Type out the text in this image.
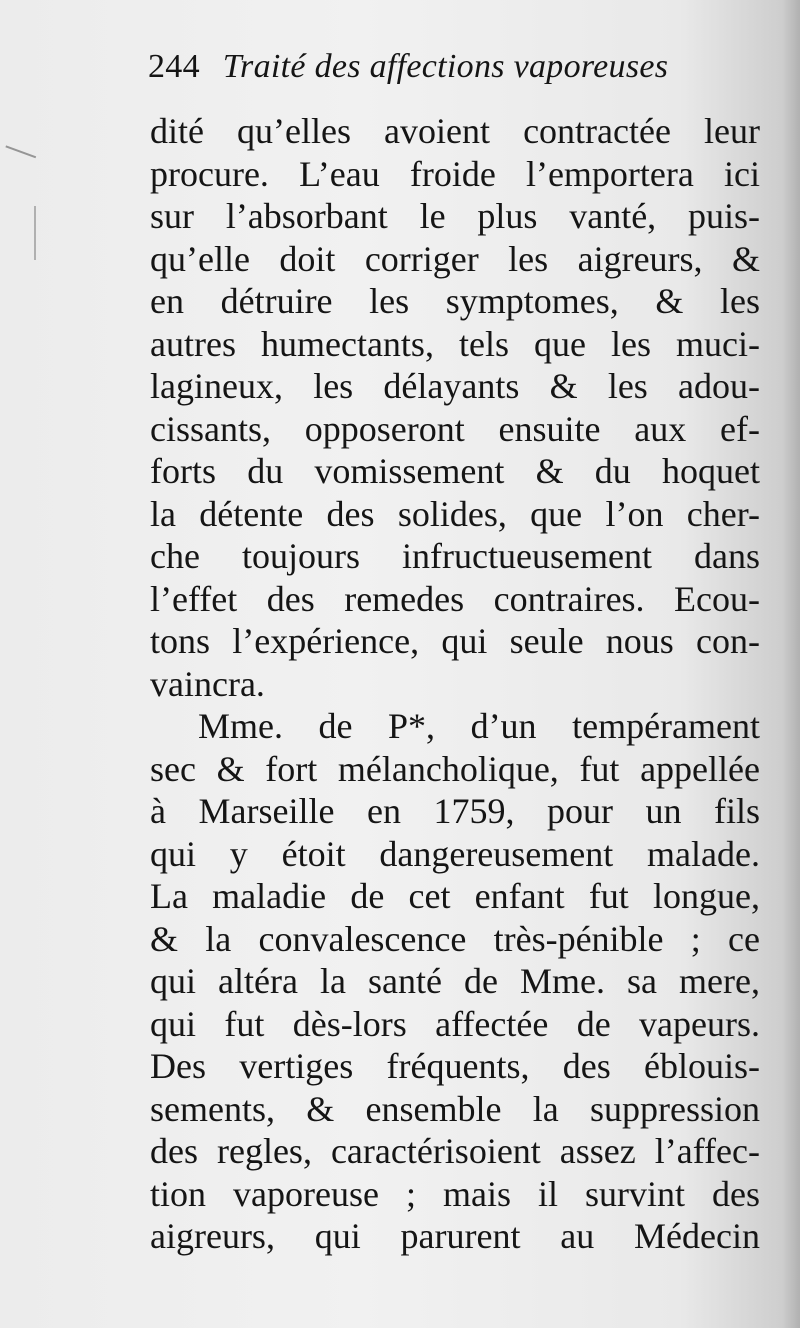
244 Traité des affections vaporeuses
dité qu’elles avoient contractée leur
procure. L’eau froide l’emportera ici
sur l’absorbant le plus vanté, puis-
qu’elle doit corriger les aigreurs, &
en détruire les symptomes, & les
autres humectants, tels que les muci-
lagineux, les délayants & les adou-
cissants, opposeront ensuite aux ef-
forts du vomissement & du hoquet
la détente des solides, que l’on cher-
che toujours infructueusement dans
l’effet des remedes contraires. Ecou-
tons l’expérience, qui seule nous con-
vaincra.
Mme. de P*, d’un tempérament
sec & fort mélancholique, fut appellée
à Marseille en 1759, pour un fils
qui y étoit dangereusement malade.
La maladie de cet enfant fut longue,
& la convalescence très-pénible ; ce
qui altéra la santé de Mme. sa mere,
qui fut dès-lors affectée de vapeurs.
Des vertiges fréquents, des éblouis-
sements, & ensemble la suppression
des regles, caractérisoient assez l’affec-
tion vaporeuse ; mais il survint des
aigreurs, qui parurent au Médecin
